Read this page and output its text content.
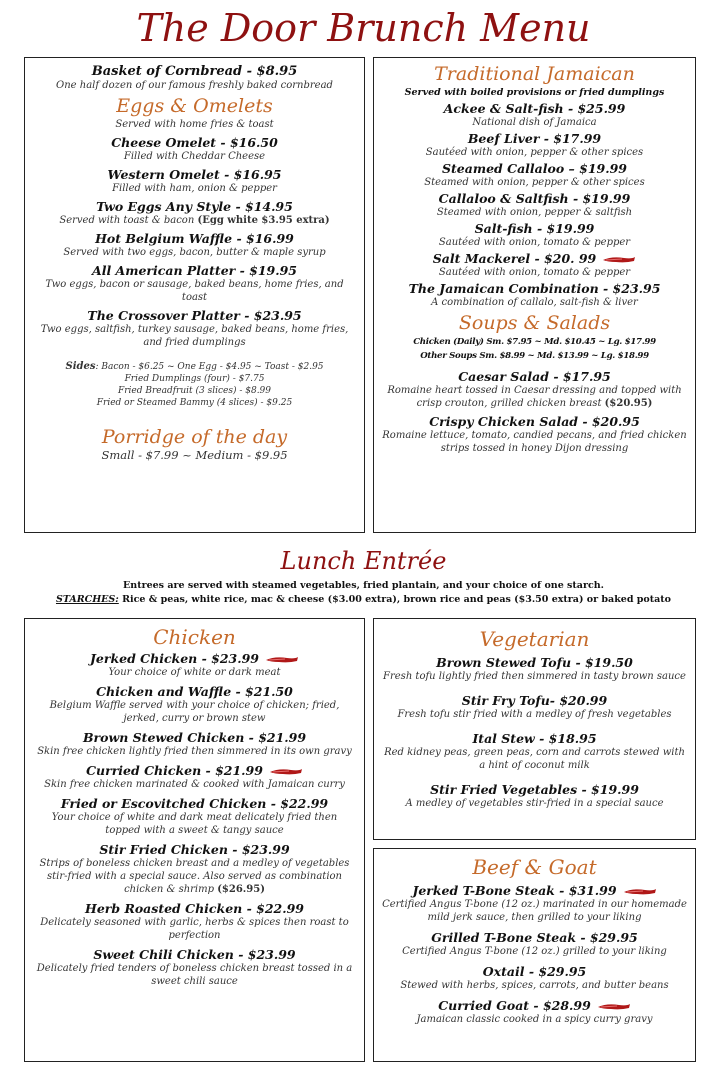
The Door Brunch Menu
Basket of Cornbread - $8.95
One half dozen of our famous freshly baked cornbread
Eggs & Omelets
Served with home fries & toast
Cheese Omelet - $16.50
Filled with Cheddar Cheese
Western Omelet - $16.95
Filled with ham, onion & pepper
Two Eggs Any Style - $14.95
Served with toast & bacon (Egg white $3.95 extra)
Hot Belgium Waffle - $16.99
Served with two eggs, bacon, butter & maple syrup
All American Platter - $19.95
Two eggs, bacon or sausage, baked beans, home fries, and toast
The Crossover Platter - $23.95
Two eggs, saltfish, turkey sausage, baked beans, home fries, and fried dumplings
Sides: Bacon - $6.25 ~ One Egg - $4.95 ~ Toast - $2.95
Fried Dumplings (four) - $7.75
Fried Breadfruit (3 slices) - $8.99
Fried or Steamed Bammy (4 slices) - $9.25
Porridge of the day
Small - $7.99 ~ Medium - $9.95
Traditional Jamaican
Served with boiled provisions or fried dumplings
Ackee & Salt-fish - $25.99
National dish of Jamaica
Beef Liver - $17.99
Sautéed with onion, pepper & other spices
Steamed Callaloo – $19.99
Steamed with onion, pepper & other spices
Callaloo & Saltfish - $19.99
Steamed with onion, pepper & saltfish
Salt-fish - $19.99
Sautéed with onion, tomato & pepper
Salt Mackerel - $20. 99
Sautéed with onion, tomato & pepper
The Jamaican Combination - $23.95
A combination of callalo, salt-fish & liver
Soups & Salads
Chicken (Daily) Sm. $7.95 ~ Md. $10.45 ~ Lg. $17.99
Other Soups Sm. $8.99 ~ Md. $13.99 ~ Lg. $18.99
Caesar Salad - $17.95
Romaine heart tossed in Caesar dressing and topped with crisp crouton, grilled chicken breast ($20.95)
Crispy Chicken Salad - $20.95
Romaine lettuce, tomato, candied pecans, and fried chicken strips tossed in honey Dijon dressing
Lunch Entrée
Entrees are served with steamed vegetables, fried plantain, and your choice of one starch.
STARCHES: Rice & peas, white rice, mac & cheese ($3.00 extra), brown rice and peas ($3.50 extra) or baked potato
Chicken
Jerked Chicken - $23.99
Your choice of white or dark meat
Chicken and Waffle - $21.50
Belgium Waffle served with your choice of chicken; fried, jerked, curry or brown stew
Brown Stewed Chicken - $21.99
Skin free chicken lightly fried then simmered in its own gravy
Curried Chicken - $21.99
Skin free chicken marinated & cooked with Jamaican curry
Fried or Escovitched Chicken - $22.99
Your choice of white and dark meat delicately fried then topped with a sweet & tangy sauce
Stir Fried Chicken - $23.99
Strips of boneless chicken breast and a medley of vegetables stir-fried with a special sauce. Also served as combination chicken & shrimp ($26.95)
Herb Roasted Chicken - $22.99
Delicately seasoned with garlic, herbs & spices then roast to perfection
Sweet Chili Chicken - $23.99
Delicately fried tenders of boneless chicken breast tossed in a sweet chili sauce
Vegetarian
Brown Stewed Tofu - $19.50
Fresh tofu lightly fried then simmered in tasty brown sauce
Stir Fry Tofu- $20.99
Fresh tofu stir fried with a medley of fresh vegetables
Ital Stew - $18.95
Red kidney peas, green peas, corn and carrots stewed with a hint of coconut milk
Stir Fried Vegetables - $19.99
A medley of vegetables stir-fried in a special sauce
Beef & Goat
Jerked T-Bone Steak - $31.99
Certified Angus T-bone (12 oz.) marinated in our homemade mild jerk sauce, then grilled to your liking
Grilled T-Bone Steak - $29.95
Certified Angus T-bone (12 oz.) grilled to your liking
Oxtail - $29.95
Stewed with herbs, spices, carrots, and butter beans
Curried Goat - $28.99
Jamaican classic cooked in a spicy curry gravy
